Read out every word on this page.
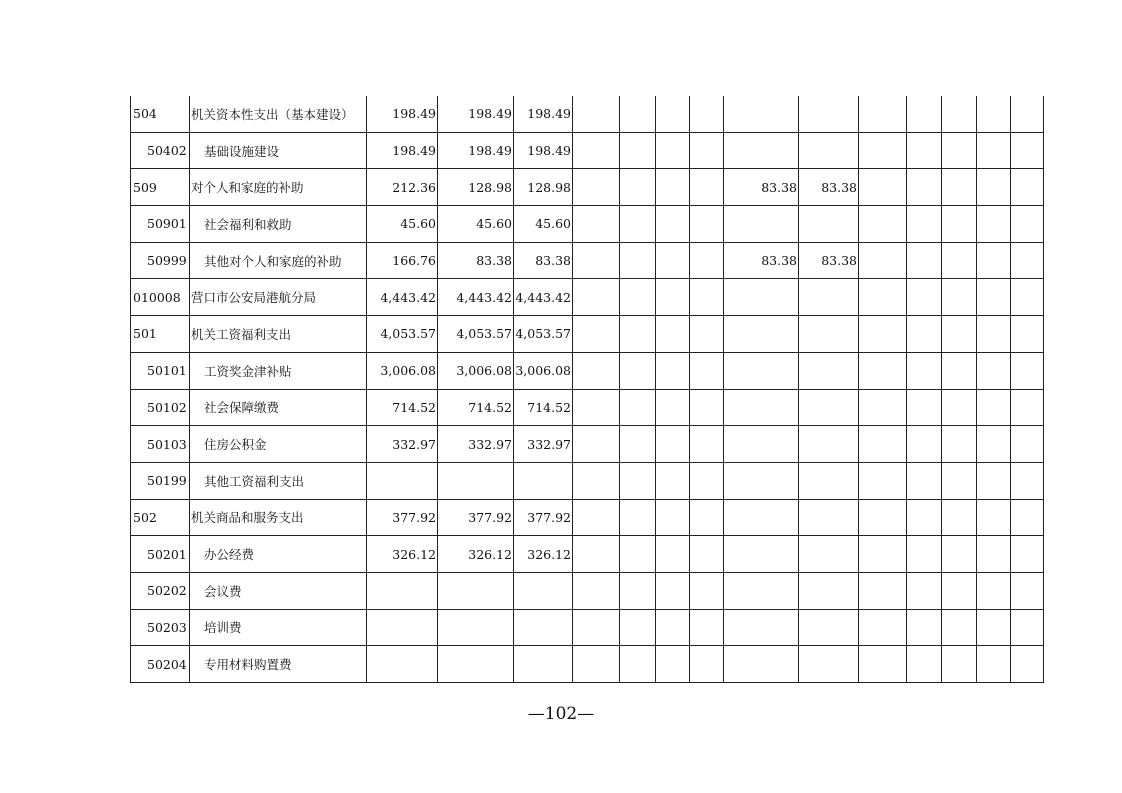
504	机关资本性支出（基本建设）	198.49	198.49	198.49											
50402	基础设施建设	198.49	198.49	198.49											
509	对个人和家庭的补助	212.36	128.98	128.98					83.38	83.38					
50901	社会福利和救助	45.60	45.60	45.60											
50999	其他对个人和家庭的补助	166.76	83.38	83.38					83.38	83.38					
010008	营口市公安局港航分局	4,443.42	4,443.42	4,443.42											
501	机关工资福利支出	4,053.57	4,053.57	4,053.57											
50101	工资奖金津补贴	3,006.08	3,006.08	3,006.08											
50102	社会保障缴费	714.52	714.52	714.52											
50103	住房公积金	332.97	332.97	332.97											
50199	其他工资福利支出														
502	机关商品和服务支出	377.92	377.92	377.92											
50201	办公经费	326.12	326.12	326.12											
50202	会议费														
50203	培训费														
50204	专用材料购置费														
—102—
